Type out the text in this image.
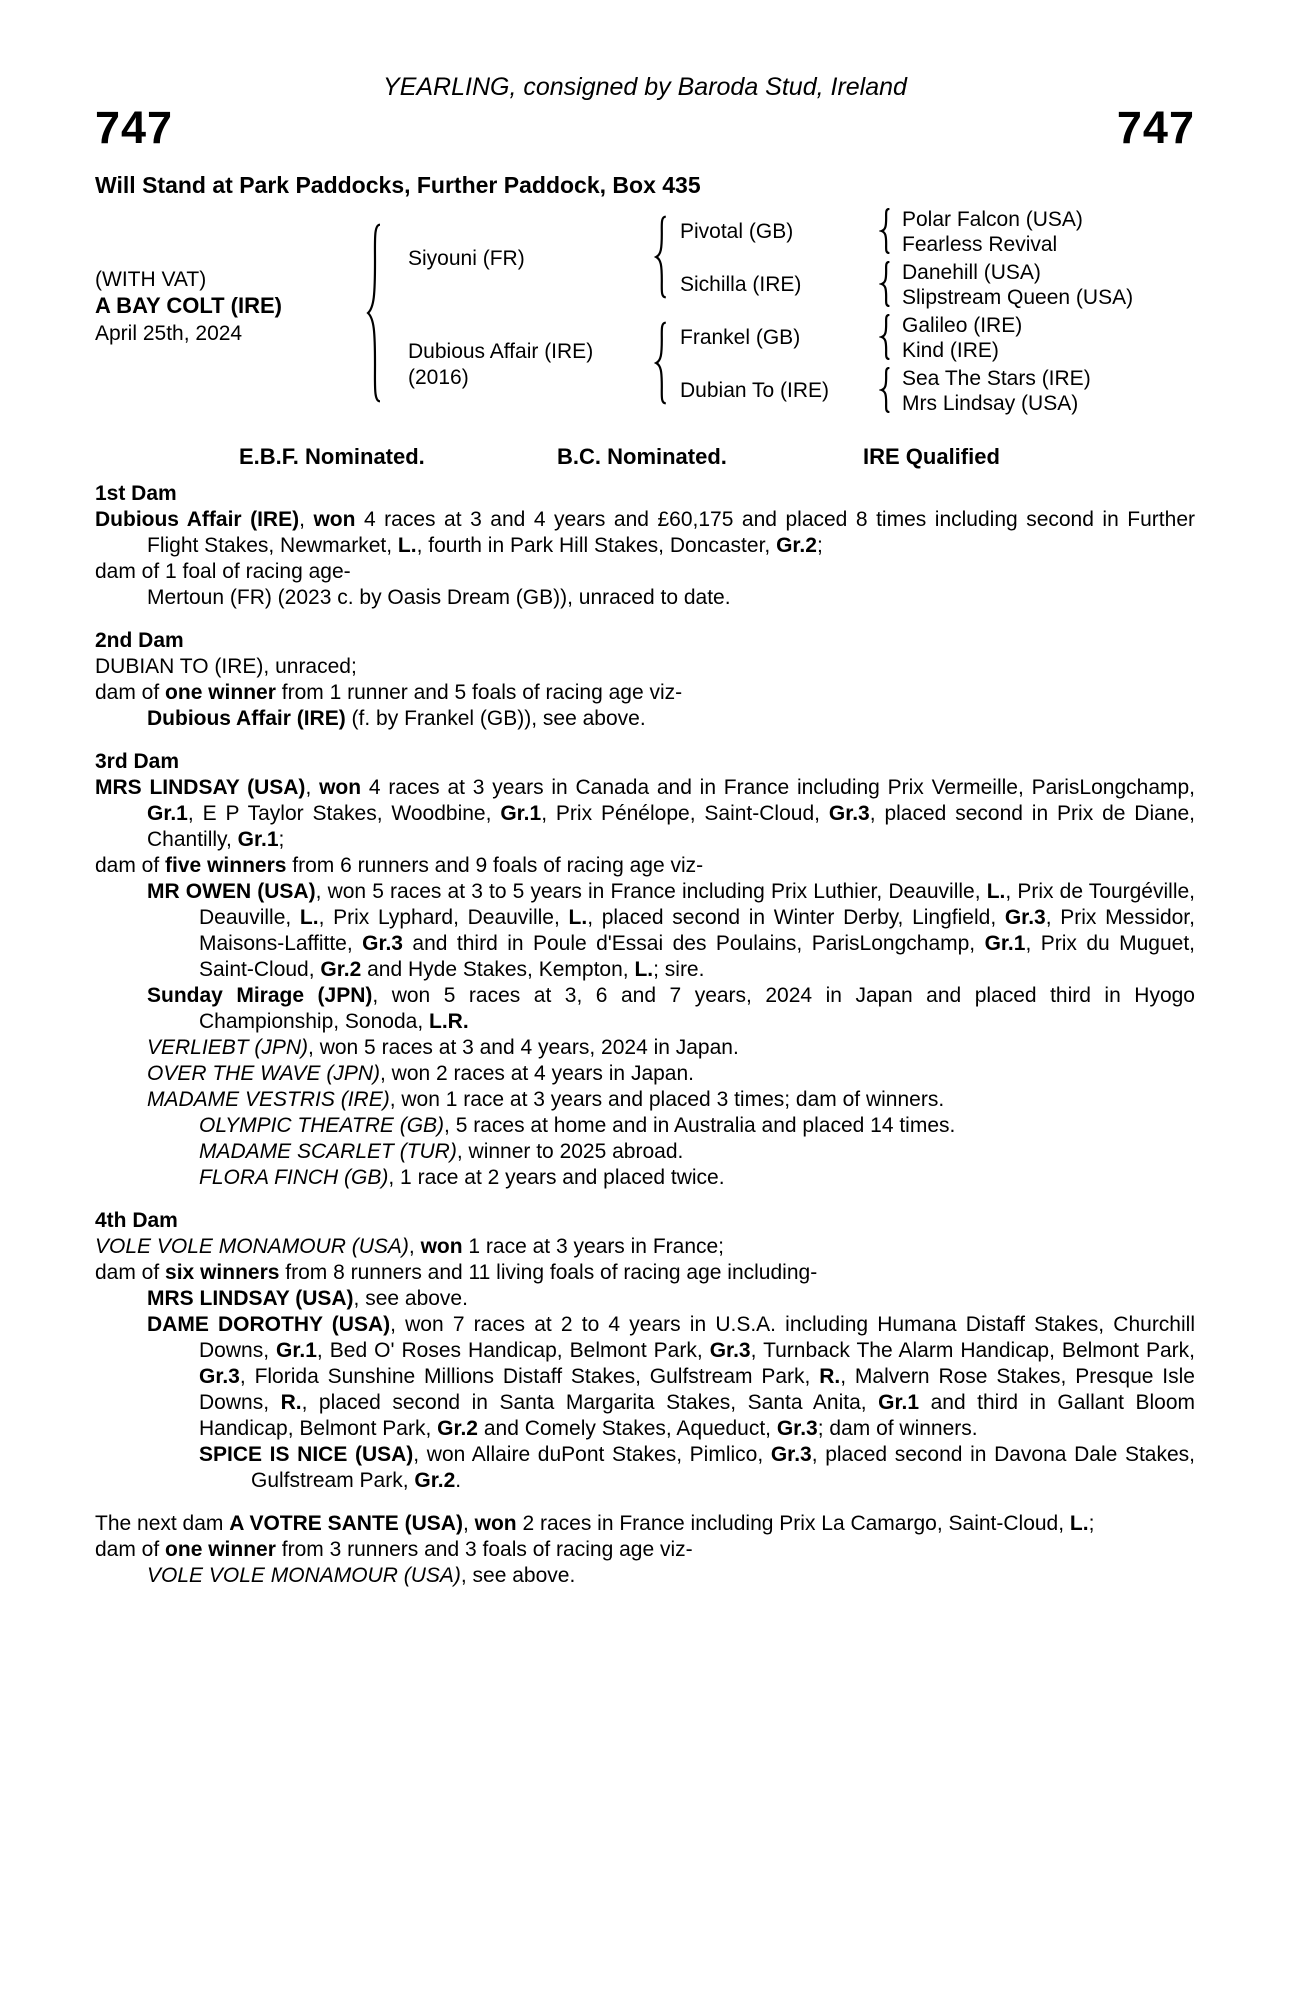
YEARLING, consigned by Baroda Stud, Ireland
747	747
Will Stand at Park Paddocks, Further Paddock, Box 435
(WITH VAT)
A BAY COLT (IRE)
April 25th, 2024
Siyouni (FR)
Dubious Affair (IRE)
(2016)
Pivotal (GB)
Sichilla (IRE)
Frankel (GB)
Dubian To (IRE)
Polar Falcon (USA)
Fearless Revival
Danehill (USA)
Slipstream Queen (USA)
Galileo (IRE)
Kind (IRE)
Sea The Stars (IRE)
Mrs Lindsay (USA)
E.B.F. Nominated.	B.C. Nominated.	IRE Qualified
1st Dam
Dubious Affair (IRE), won 4 races at 3 and 4 years and £60,175 and placed 8 times including second in Further Flight Stakes, Newmarket, L., fourth in Park Hill Stakes, Doncaster, Gr.2;
dam of 1 foal of racing age-
Mertoun (FR) (2023 c. by Oasis Dream (GB)), unraced to date.
2nd Dam
DUBIAN TO (IRE), unraced;
dam of one winner from 1 runner and 5 foals of racing age viz-
Dubious Affair (IRE) (f. by Frankel (GB)), see above.
3rd Dam
MRS LINDSAY (USA), won 4 races at 3 years in Canada and in France including Prix Vermeille, ParisLongchamp, Gr.1, E P Taylor Stakes, Woodbine, Gr.1, Prix Pénélope, Saint-Cloud, Gr.3, placed second in Prix de Diane, Chantilly, Gr.1;
dam of five winners from 6 runners and 9 foals of racing age viz-
MR OWEN (USA), won 5 races at 3 to 5 years in France including Prix Luthier, Deauville, L., Prix de Tourgéville, Deauville, L., Prix Lyphard, Deauville, L., placed second in Winter Derby, Lingfield, Gr.3, Prix Messidor, Maisons-Laffitte, Gr.3 and third in Poule d'Essai des Poulains, ParisLongchamp, Gr.1, Prix du Muguet, Saint-Cloud, Gr.2 and Hyde Stakes, Kempton, L.; sire.
Sunday Mirage (JPN), won 5 races at 3, 6 and 7 years, 2024 in Japan and placed third in Hyogo Championship, Sonoda, L.R.
VERLIEBT (JPN), won 5 races at 3 and 4 years, 2024 in Japan.
OVER THE WAVE (JPN), won 2 races at 4 years in Japan.
MADAME VESTRIS (IRE), won 1 race at 3 years and placed 3 times; dam of winners.
OLYMPIC THEATRE (GB), 5 races at home and in Australia and placed 14 times.
MADAME SCARLET (TUR), winner to 2025 abroad.
FLORA FINCH (GB), 1 race at 2 years and placed twice.
4th Dam
VOLE VOLE MONAMOUR (USA), won 1 race at 3 years in France;
dam of six winners from 8 runners and 11 living foals of racing age including-
MRS LINDSAY (USA), see above.
DAME DOROTHY (USA), won 7 races at 2 to 4 years in U.S.A. including Humana Distaff Stakes, Churchill Downs, Gr.1, Bed O' Roses Handicap, Belmont Park, Gr.3, Turnback The Alarm Handicap, Belmont Park, Gr.3, Florida Sunshine Millions Distaff Stakes, Gulfstream Park, R., Malvern Rose Stakes, Presque Isle Downs, R., placed second in Santa Margarita Stakes, Santa Anita, Gr.1 and third in Gallant Bloom Handicap, Belmont Park, Gr.2 and Comely Stakes, Aqueduct, Gr.3; dam of winners.
SPICE IS NICE (USA), won Allaire duPont Stakes, Pimlico, Gr.3, placed second in Davona Dale Stakes, Gulfstream Park, Gr.2.
The next dam A VOTRE SANTE (USA), won 2 races in France including Prix La Camargo, Saint-Cloud, L.;
dam of one winner from 3 runners and 3 foals of racing age viz-
VOLE VOLE MONAMOUR (USA), see above.
